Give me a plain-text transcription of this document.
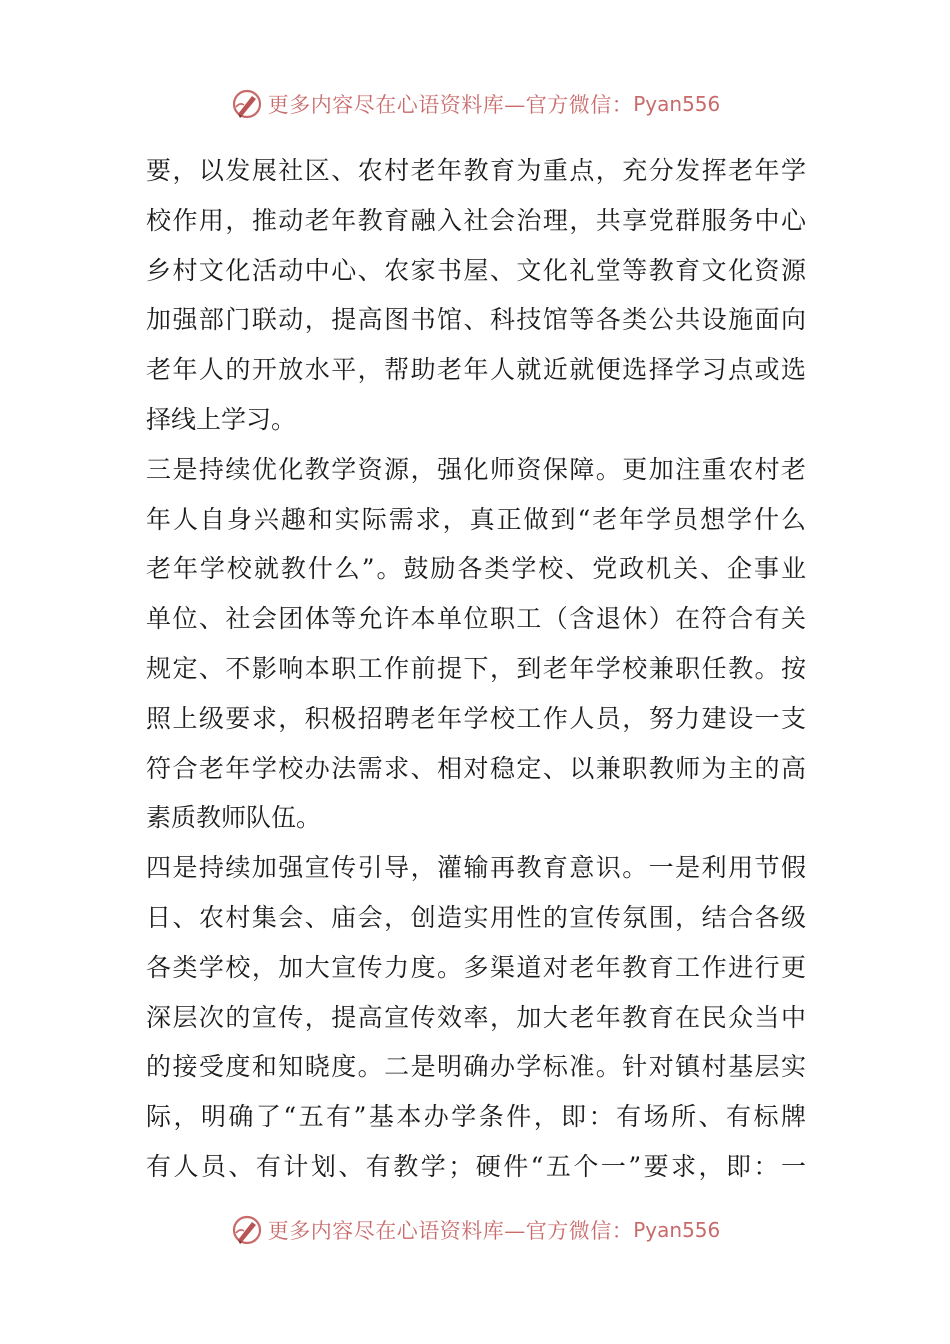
更多内容尽在心语资料库—官方微信： Pyan556
要，以发展社区、农村老年教育为重点，充分发挥老年学
校作用，推动老年教育融入社会治理，共享党群服务中心
乡村文化活动中心、农家书屋、文化礼堂等教育文化资源
加强部门联动，提高图书馆、科技馆等各类公共设施面向
老年人的开放水平，帮助老年人就近就便选择学习点或选
择线上学习。
三是持续优化教学资源，强化师资保障。更加注重农村老
年人自身兴趣和实际需求，真正做到“老年学员想学什么
老年学校就教什么”。鼓励各类学校、党政机关、企事业
单位、社会团体等允许本单位职工（含退休）在符合有关
规定、不影响本职工作前提下，到老年学校兼职任教。按
照上级要求，积极招聘老年学校工作人员，努力建设一支
符合老年学校办法需求、相对稳定、以兼职教师为主的高
素质教师队伍。
四是持续加强宣传引导，灌输再教育意识。一是利用节假
日、农村集会、庙会，创造实用性的宣传氛围，结合各级
各类学校，加大宣传力度。多渠道对老年教育工作进行更
深层次的宣传，提高宣传效率，加大老年教育在民众当中
的接受度和知晓度。二是明确办学标准。针对镇村基层实
际，明确了“五有”基本办学条件，即：有场所、有标牌
有人员、有计划、有教学；硬件“五个一”要求，即：一
更多内容尽在心语资料库—官方微信： Pyan556
